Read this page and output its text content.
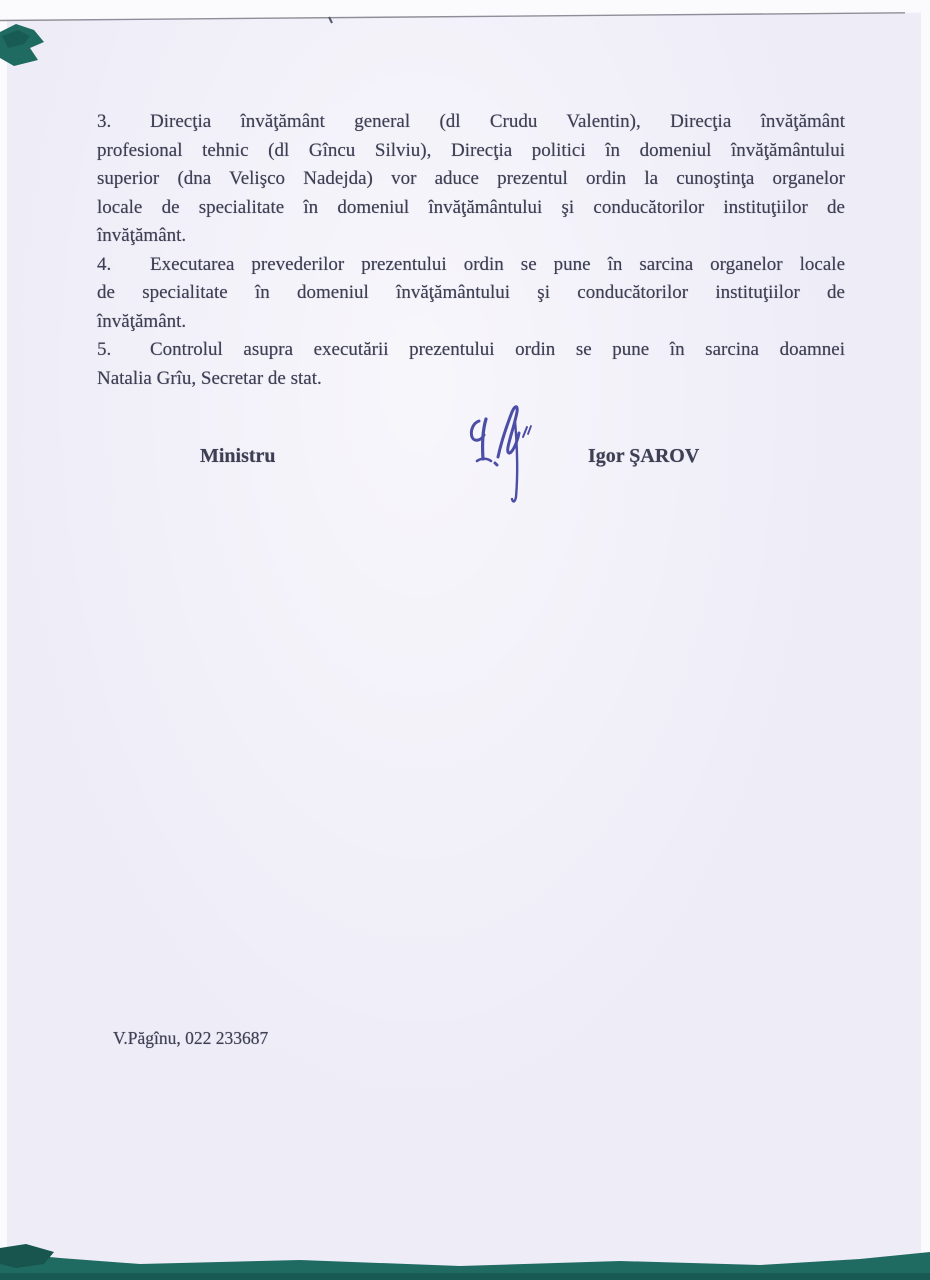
3. Direcţia învăţământ general (dl Crudu Valentin), Direcţia învăţământ
profesional tehnic (dl Gîncu Silviu), Direcţia politici în domeniul învăţământului
superior (dna Velişco Nadejda) vor aduce prezentul ordin la cunoştinţa organelor
locale de specialitate în domeniul învăţământului şi conducătorilor instituţiilor de
învăţământ.
4. Executarea prevederilor prezentului ordin se pune în sarcina organelor locale
de specialitate în domeniul învăţământului şi conducătorilor instituţiilor de
învăţământ.
5. Controlul asupra executării prezentului ordin se pune în sarcina doamnei
Natalia Grîu, Secretar de stat.
Ministru	Igor ŞAROV
V.Păgînu, 022 233687
